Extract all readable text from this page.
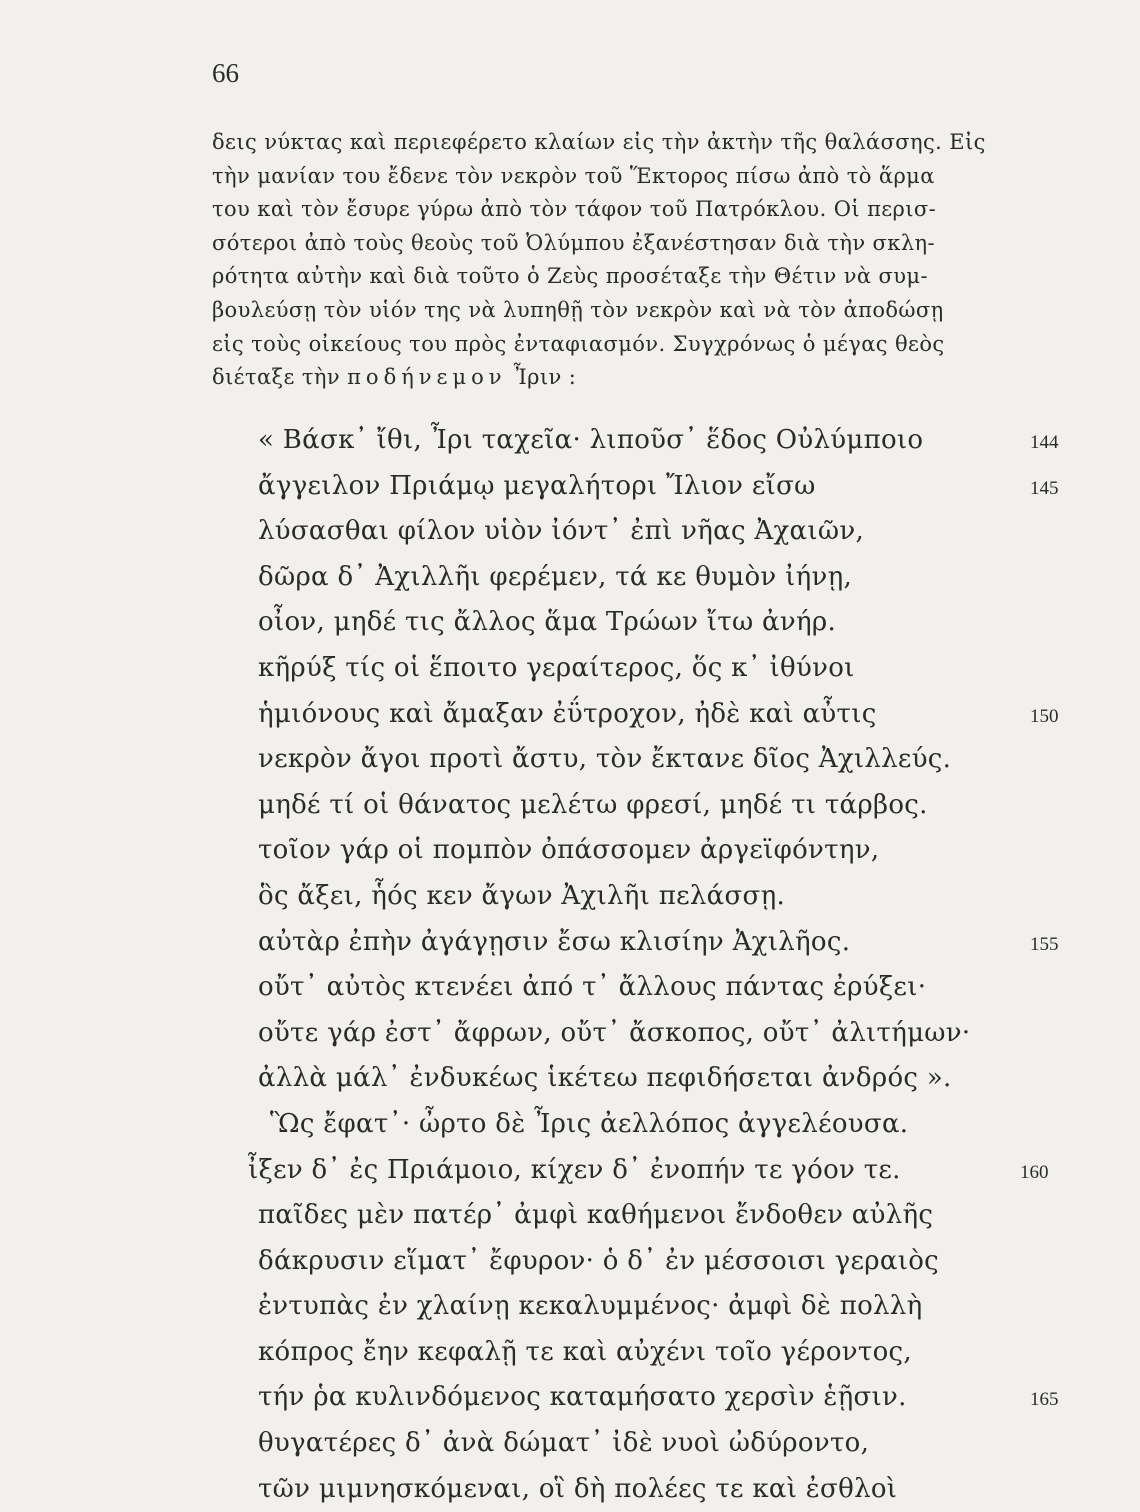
66
δεις νύκτας καὶ περιεφέρετο κλαίων εἰς τὴν ἀκτὴν τῆς θαλάσσης. Εἰς
τὴν μανίαν του ἔδενε τὸν νεκρὸν τοῦ Ἕκτορος πίσω ἀπὸ τὸ ἅρμα
του καὶ τὸν ἔσυρε γύρω ἀπὸ τὸν τάφον τοῦ Πατρόκλου. Οἱ περισ-
σότεροι ἀπὸ τοὺς θεοὺς τοῦ Ὀλύμπου ἐξανέστησαν διὰ τὴν σκλη-
ρότητα αὐτὴν καὶ διὰ τοῦτο ὁ Ζεὺς προσέταξε τὴν Θέτιν νὰ συμ-
βουλεύσῃ τὸν υἱόν της νὰ λυπηθῇ τὸν νεκρὸν καὶ νὰ τὸν ἀποδώσῃ
εἰς τοὺς οἰκείους του πρὸς ἐνταφιασμόν. Συγχρόνως ὁ μέγας θεὸς
διέταξε τὴν ποδήνεμον Ἶριν :
« Βάσκ᾽ ἴθι, Ἶρι ταχεῖα· λιποῦσ᾽ ἕδος Οὐλύμποιο	144
ἄγγειλον Πριάμῳ μεγαλήτορι Ἴλιον εἴσω	145
λύσασθαι φίλον υἱὸν ἰόντ᾽ ἐπὶ νῆας Ἀχαιῶν,
δῶρα δ᾽ Ἀχιλλῆι φερέμεν, τά κε θυμὸν ἰήνῃ,
οἶον, μηδέ τις ἄλλος ἅμα Τρώων ἴτω ἀνήρ.
κῆρύξ τίς οἱ ἕποιτο γεραίτερος, ὅς κ᾽ ἰθύνοι
ἡμιόνους καὶ ἄμαξαν ἐΰτροχον, ἠδὲ καὶ αὖτις	150
νεκρὸν ἄγοι προτὶ ἄστυ, τὸν ἔκτανε δῖος Ἀχιλλεύς.
μηδέ τί οἱ θάνατος μελέτω φρεσί, μηδέ τι τάρβος.
τοῖον γάρ οἱ πομπὸν ὀπάσσομεν ἀργεϊφόντην,
ὃς ἄξει, ἧός κεν ἄγων Ἀχιλῆι πελάσσῃ.
αὐτὰρ ἐπὴν ἀγάγῃσιν ἔσω κλισίην Ἀχιλῆος.	155
οὔτ᾽ αὐτὸς κτενέει ἀπό τ᾽ ἄλλους πάντας ἐρύξει·
οὔτε γάρ ἐστ᾽ ἄφρων, οὔτ᾽ ἄσκοπος, οὔτ᾽ ἀλιτήμων·
ἀλλὰ μάλ᾽ ἐνδυκέως ἱκέτεω πεφιδήσεται ἀνδρός ».
Ὣς ἔφατ᾽· ὦρτο δὲ Ἶρις ἀελλόπος ἀγγελέουσα.
ἶξεν δ᾽ ἐς Πριάμοιο, κίχεν δ᾽ ἐνοπήν τε γόον τε.	160
παῖδες μὲν πατέρ᾽ ἀμφὶ καθήμενοι ἔνδοθεν αὐλῆς
δάκρυσιν εἵματ᾽ ἔφυρον· ὁ δ᾽ ἐν μέσσοισι γεραιὸς
ἐντυπὰς ἐν χλαίνῃ κεκαλυμμένος· ἀμφὶ δὲ πολλὴ
κόπρος ἔην κεφαλῇ τε καὶ αὐχένι τοῖο γέροντος,
τήν ῥα κυλινδόμενος καταμήσατο χερσὶν ἑῇσιν.	165
θυγατέρες δ᾽ ἀνὰ δώματ᾽ ἰδὲ νυοὶ ὠδύροντο,
τῶν μιμνησκόμεναι, οἳ δὴ πολέες τε καὶ ἐσθλοὶ
